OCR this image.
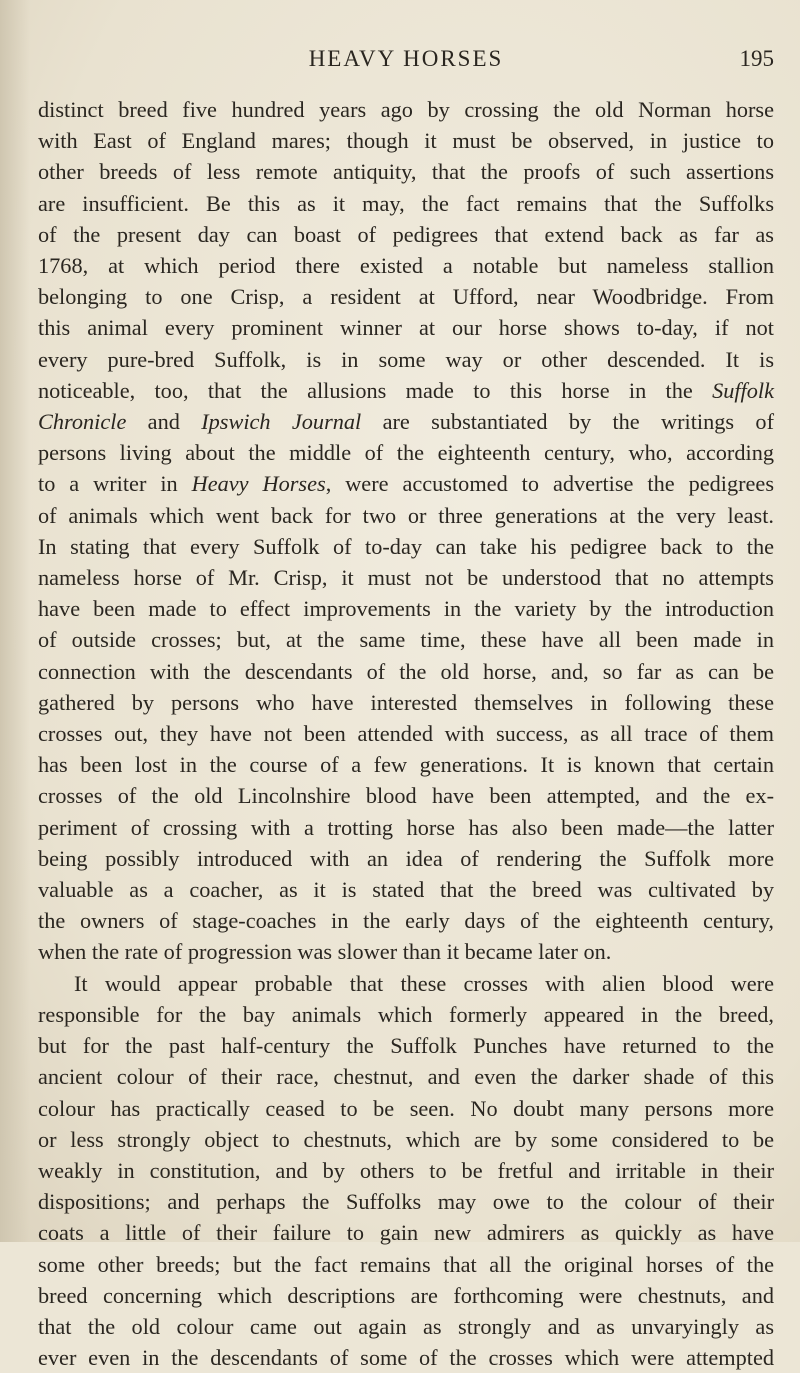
HEAVY HORSES	195

distinct breed five hundred years ago by crossing the old Norman horse

with East of England mares; though it must be observed, in justice to

other breeds of less remote antiquity, that the proofs of such assertions

are insufficient. Be this as it may, the fact remains that the Suffolks

of the present day can boast of pedigrees that extend back as far as

1768, at which period there existed a notable but nameless stallion

belonging to one Crisp, a resident at Ufford, near Woodbridge. From

this animal every prominent winner at our horse shows to-day, if not

every pure-bred Suffolk, is in some way or other descended. It is

noticeable, too, that the allusions made to this horse in the Suffolk

Chronicle and Ipswich Journal are substantiated by the writings of

persons living about the middle of the eighteenth century, who, according

to a writer in Heavy Horses, were accustomed to advertise the pedigrees

of animals which went back for two or three generations at the very least.

In stating that every Suffolk of to-day can take his pedigree back to the

nameless horse of Mr. Crisp, it must not be understood that no attempts

have been made to effect improvements in the variety by the introduction

of outside crosses; but, at the same time, these have all been made in

connection with the descendants of the old horse, and, so far as can be

gathered by persons who have interested themselves in following these

crosses out, they have not been attended with success, as all trace of them

has been lost in the course of a few generations. It is known that certain

crosses of the old Lincolnshire blood have been attempted, and the ex-

periment of crossing with a trotting horse has also been made—the latter

being possibly introduced with an idea of rendering the Suffolk more

valuable as a coacher, as it is stated that the breed was cultivated by

the owners of stage-coaches in the early days of the eighteenth century,

when the rate of progression was slower than it became later on.

It would appear probable that these crosses with alien blood were

responsible for the bay animals which formerly appeared in the breed,

but for the past half-century the Suffolk Punches have returned to the

ancient colour of their race, chestnut, and even the darker shade of this

colour has practically ceased to be seen. No doubt many persons more

or less strongly object to chestnuts, which are by some considered to be

weakly in constitution, and by others to be fretful and irritable in their

dispositions; and perhaps the Suffolks may owe to the colour of their

coats a little of their failure to gain new admirers as quickly as have

some other breeds; but the fact remains that all the original horses of the

breed concerning which descriptions are forthcoming were chestnuts, and

that the old colour came out again as strongly and as unvaryingly as

ever even in the descendants of some of the crosses which were attempted
